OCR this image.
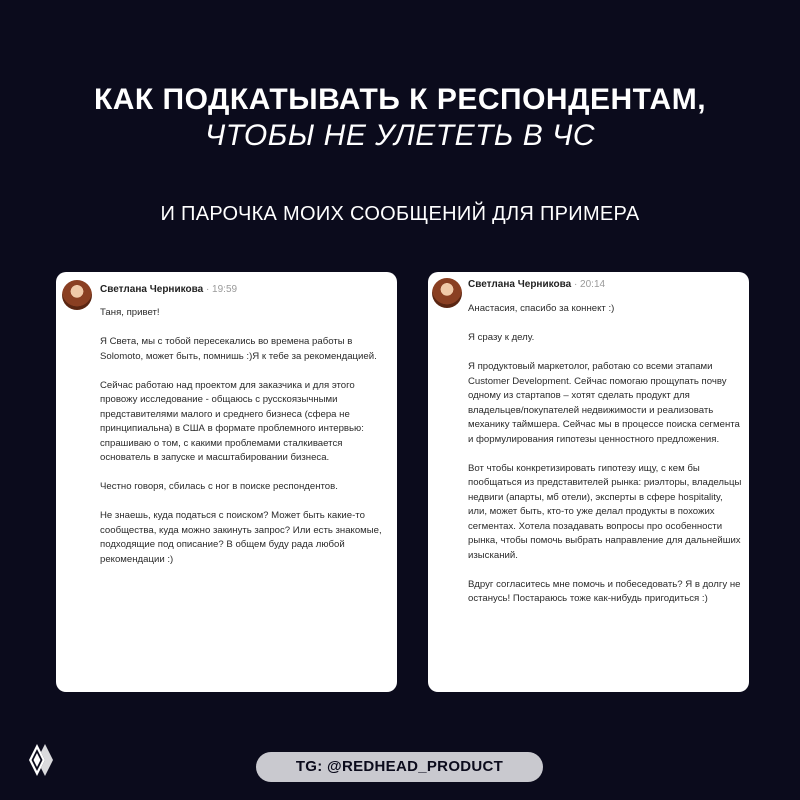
КАК ПОДКАТЫВАТЬ К РЕСПОНДЕНТАМ,
ЧТОБЫ НЕ УЛЕТЕТЬ В ЧС
И ПАРОЧКА МОИХ СООБЩЕНИЙ ДЛЯ ПРИМЕРА
Светлана Черникова · 19:59

Таня, привет!

Я Света, мы с тобой пересекались во времена работы в Solomoto, может быть, помнишь :)Я к тебе за рекомендацией.

Сейчас работаю над проектом для заказчика и для этого провожу исследование - общаюсь с русскоязычными представителями малого и среднего бизнеса (сфера не принципиальна) в США в формате проблемного интервью: спрашиваю о том, с какими проблемами сталкивается основатель в запуске и масштабировании бизнеса.

Честно говоря, сбилась с ног в поиске респондентов.

Не знаешь, куда податься с поиском? Может быть какие-то сообщества, куда можно закинуть запрос? Или есть знакомые, подходящие под описание? В общем буду рада любой рекомендации :)

Светлана Черникова · 20:14

Анастасия, спасибо за коннект :)

Я сразу к делу.

Я продуктовый маркетолог, работаю со всеми этапами Customer Development. Сейчас помогаю прощупать почву одному из стартапов – хотят сделать продукт для владельцев/покупателей недвижимости и реализовать механику таймшера. Сейчас мы в процессе поиска сегмента и формулирования гипотезы ценностного предложения.

Вот чтобы конкретизировать гипотезу ищу, с кем бы пообщаться из представителей рынка: риэлторы, владельцы недвиги (апарты, мб отели), эксперты в сфере hospitality, или, может быть, кто-то уже делал продукты в похожих сегментах. Хотела позадавать вопросы про особенности рынка, чтобы помочь выбрать направление для дальнейших изысканий.

Вдруг согласитесь мне помочь и побеседовать? Я в долгу не останусь! Постараюсь тоже как-нибудь пригодиться :)

TG: @REDHEAD_PRODUCT
